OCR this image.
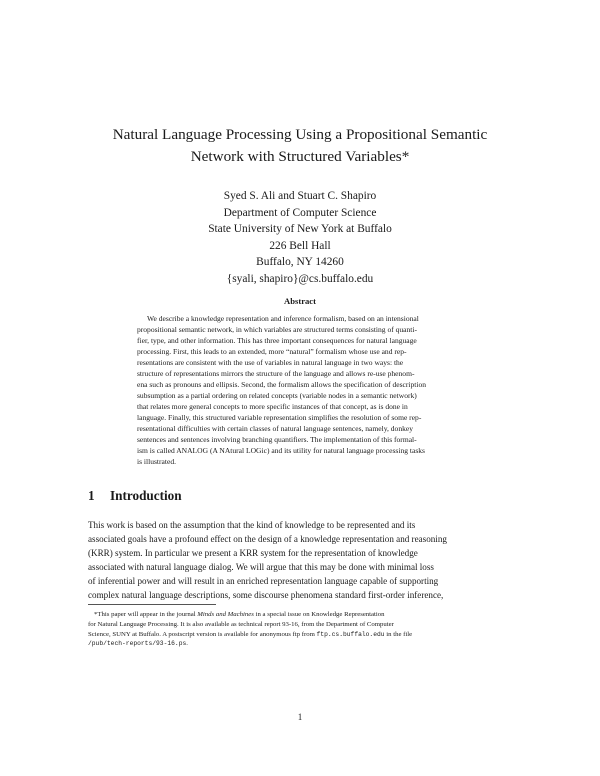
Natural Language Processing Using a Propositional Semantic
Network with Structured Variables*
Syed S. Ali and Stuart C. Shapiro
Department of Computer Science
State University of New York at Buffalo
226 Bell Hall
Buffalo, NY 14260
{syali, shapiro}@cs.buffalo.edu
Abstract
We describe a knowledge representation and inference formalism, based on an intensional
propositional semantic network, in which variables are structured terms consisting of quanti-
fier, type, and other information. This has three important consequences for natural language
processing. First, this leads to an extended, more “natural” formalism whose use and rep-
resentations are consistent with the use of variables in natural language in two ways: the
structure of representations mirrors the structure of the language and allows re-use phenom-
ena such as pronouns and ellipsis. Second, the formalism allows the specification of description
subsumption as a partial ordering on related concepts (variable nodes in a semantic network)
that relates more general concepts to more specific instances of that concept, as is done in
language. Finally, this structured variable representation simplifies the resolution of some rep-
resentational difficulties with certain classes of natural language sentences, namely, donkey
sentences and sentences involving branching quantifiers. The implementation of this formal-
ism is called ANALOG (A NAtural LOGic) and its utility for natural language processing tasks
is illustrated.
1 Introduction
This work is based on the assumption that the kind of knowledge to be represented and its
associated goals have a profound effect on the design of a knowledge representation and reasoning
(KRR) system. In particular we present a KRR system for the representation of knowledge
associated with natural language dialog. We will argue that this may be done with minimal loss
of inferential power and will result in an enriched representation language capable of supporting
complex natural language descriptions, some discourse phenomena standard first-order inference,
*This paper will appear in the journal Minds and Machines in a special issue on Knowledge Representation
for Natural Language Processing. It is also available as technical report 93-16, from the Department of Computer
Science, SUNY at Buffalo. A postscript version is available for anonymous ftp from ftp.cs.buffalo.edu in the file
/pub/tech-reports/93-16.ps.
1
